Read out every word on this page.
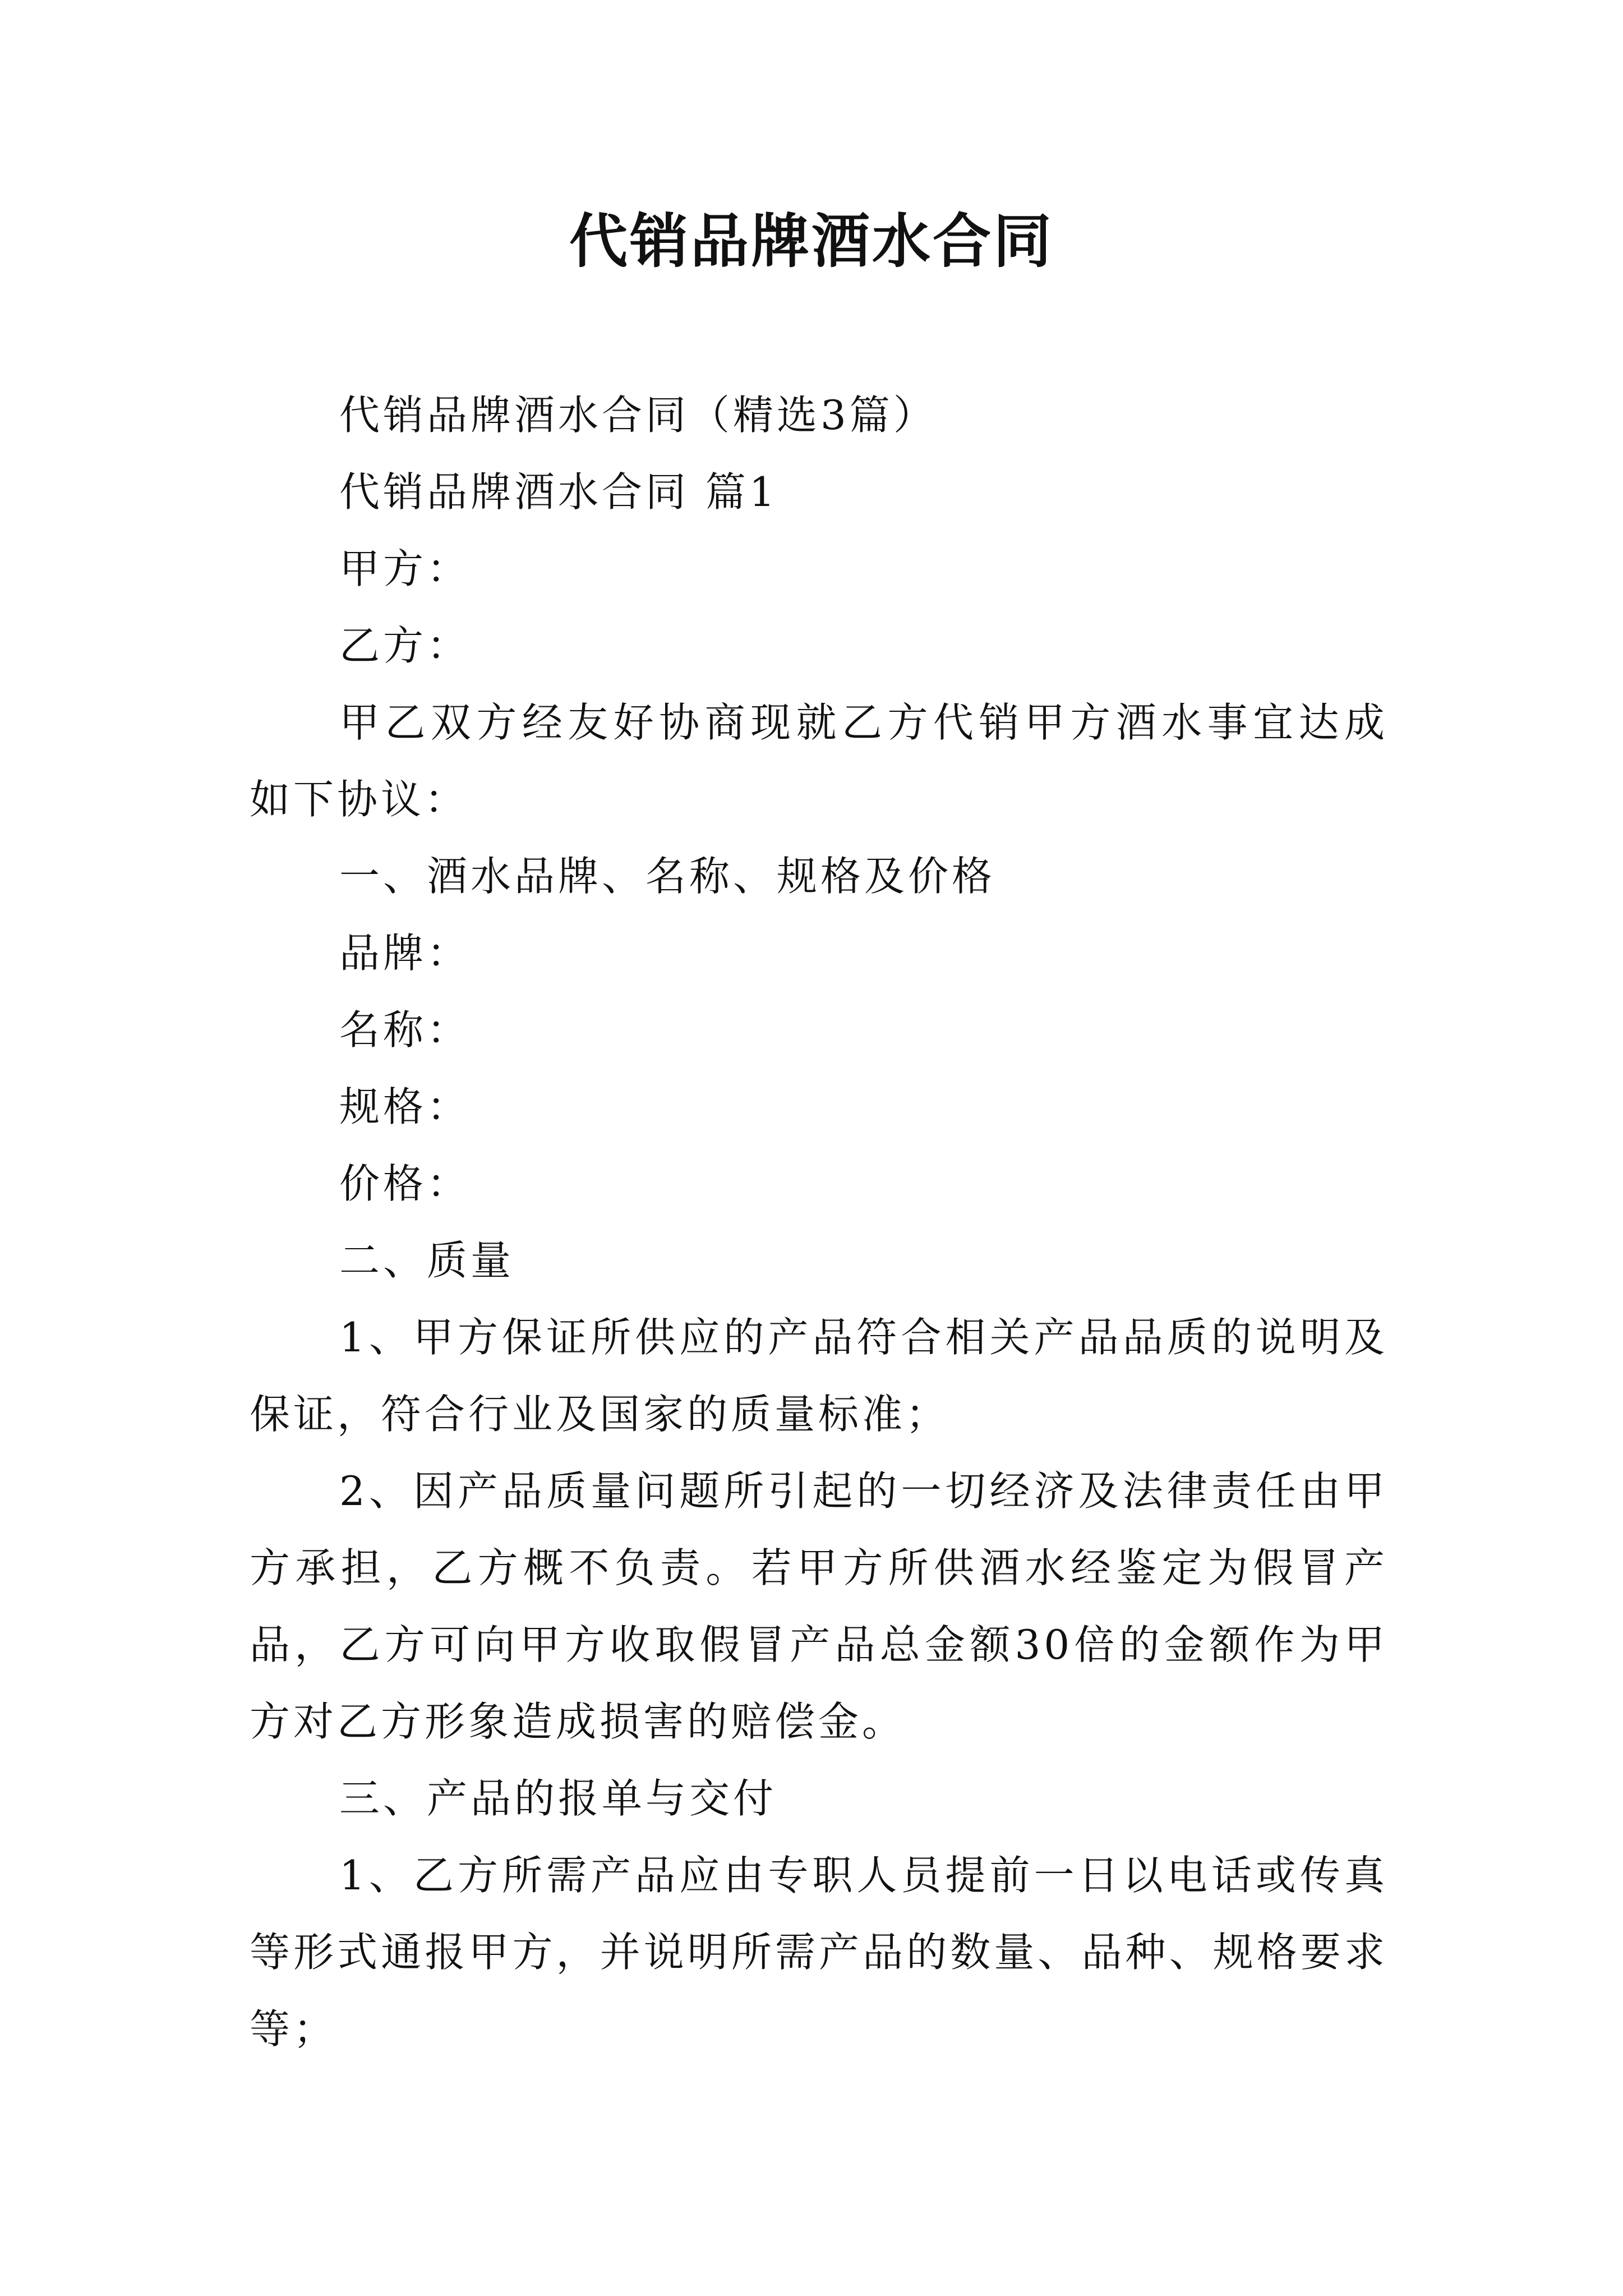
代销品牌酒水合同

代销品牌酒水合同（精选3篇）

代销品牌酒水合同 篇1

甲方：

乙方：

甲乙双方经友好协商现就乙方代销甲方酒水事宜达成如下协议：

一、酒水品牌、名称、规格及价格

品牌：

名称：

规格：

价格：

二、质量

1、甲方保证所供应的产品符合相关产品品质的说明及保证，符合行业及国家的质量标准；

2、因产品质量问题所引起的一切经济及法律责任由甲方承担，乙方概不负责。若甲方所供酒水经鉴定为假冒产品，乙方可向甲方收取假冒产品总金额30倍的金额作为甲方对乙方形象造成损害的赔偿金。

三、产品的报单与交付

1、乙方所需产品应由专职人员提前一日以电话或传真等形式通报甲方，并说明所需产品的数量、品种、规格要求等；
